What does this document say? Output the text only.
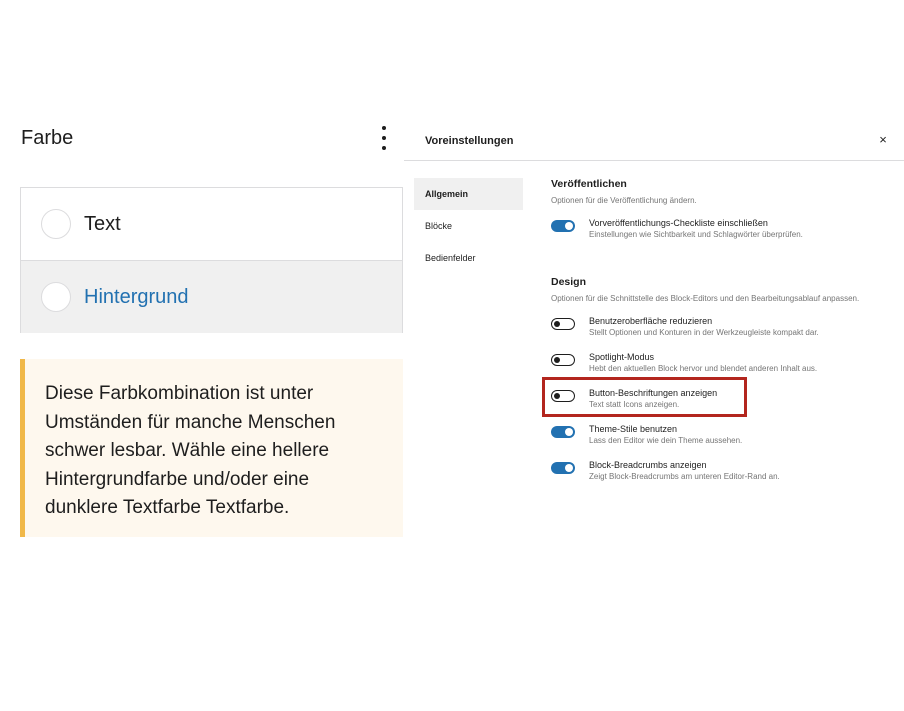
Farbe
Text
Hintergrund

Diese Farbkombination ist unter Umständen für manche Menschen schwer lesbar. Wähle eine hellere Hintergrundfarbe und/oder eine dunklere Textfarbe Textfarbe.

Voreinstellungen	×
Allgemein
Blöcke
Bedienfelder
Veröffentlichen
Optionen für die Veröffentlichung ändern.
Vorveröffentlichungs-Checkliste einschließen
Einstellungen wie Sichtbarkeit und Schlagwörter überprüfen.
Design
Optionen für die Schnittstelle des Block-Editors und den Bearbeitungsablauf anpassen.
Benutzeroberfläche reduzieren
Stellt Optionen und Konturen in der Werkzeugleiste kompakt dar.
Spotlight-Modus
Hebt den aktuellen Block hervor und blendet anderen Inhalt aus.
Button-Beschriftungen anzeigen
Text statt Icons anzeigen.
Theme-Stile benutzen
Lass den Editor wie dein Theme aussehen.
Block-Breadcrumbs anzeigen
Zeigt Block-Breadcrumbs am unteren Editor-Rand an.
